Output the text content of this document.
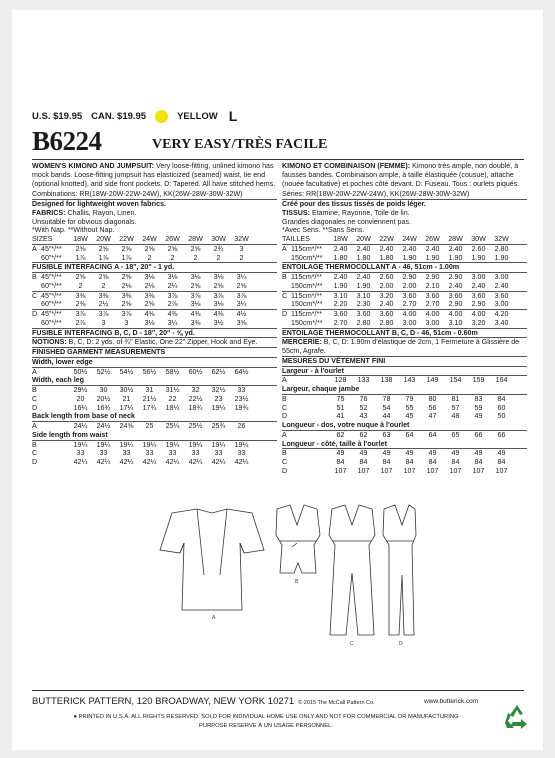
U.S. $19.95 CAN. $19.95	YELLOW L
B6224	VERY EASY/TRÈS FACILE

WOMEN'S KIMONO AND JUMPSUIT: Very loose-fitting, unlined kimono has mock bands. Loose-fitting jumpsuit has elasticized (seamed) waist, tie end (optional knotted), and side front pockets. D: Tapered. All have stitched hems.

Combinations: RR(18W-20W-22W-24W), KK(26W-28W-30W-32W)
Designed for lightweight woven fabrics.
FABRICS: Challis, Rayon, Linen.
Unsuitable for obvious diagonals.
*With Nap. **Without Nap.
SIZES	18W	20W	22W	24W	26W	28W	30W	32W
A 45"*/**	2⅝	2⅝	2⅝	2⅝	2⅝	2⅝	2¾	3
60"*/**	1⅞	1⅞	1⅞	2	2	2	2	2
FUSIBLE INTERFACING A - 18", 20" - 1 yd.
B 45"*/**	2⅝	2⅝	2⅝	3⅛	3⅛	3⅛	3⅛	3¼
60"*/**	2	2	2⅛	2⅛	2¼	2⅝	2⅝	2⅝
C 45"*/**	3⅜	3⅜	3⅜	3⅜	3⅞	3⅞	3⅞	3⅞
60"*/**	2⅜	2½	2⅝	2⅝	2⅞	3⅛	3⅛	3¼
D 45"*/**	3⅞	3⅞	3⅞	4⅜	4⅜	4⅜	4⅜	4½
60"*/**	2⅞	3	3	3⅛	3¼	3⅜	3½	3⅝
FUSIBLE INTERFACING B, C, D - 18", 20" - ⅝ yd.
NOTIONS: B, C, D: 2 yds. of ¾" Elastic, One 22" Zipper, Hook and Eye.
FINISHED GARMENT MEASUREMENTS
Width, lower edge
A	50½	52½	54½	56½	58½	60½	62½	64½
Width, each leg
B	29½	30	30½	31	31½	32	32½	33
C	20	20½	21	21½	22	22½	23	23½
D	16¼	16¾	17¼	17¾	18¼	18¾	19¼	19¾
Back length from base of neck
A	24¼	24½	24⅝	25	25¼	25½	25¾	26
Side length from waist
B	19¼	19¼	19¼	19¼	19¼	19¼	19¼	19¼
C	33	33	33	33	33	33	33	33
D	42¼	42¼	42¼	42¼	42¼	42¼	42¼	42¼

KIMONO ET COMBINAISON (FEMME): Kimono très ample, non doublé, à fausses bandes. Combinaison ample, à taille élastiquée (cousue), attache (nouée facultative) et poches côté devant. D: Fuseau. Tous : ourlets piqués.

Séries: RR(18W-20W-22W-24W), KK(26W-28W-30W-32W)
Créé pour des tissus tissés de poids léger.
TISSUS: Etamine, Rayonne, Toile de lin.
Grandes diagonales ne conviennent pas.
*Avec Sens. **Sans Sens.
TAILLES	18W	20W	22W	24W	26W	28W	30W	32W
A 115cm*/**	2.40	2.40	2.40	2.40	2.40	2.40	2.60	2.80
150cm*/**	1.80	1.80	1.80	1.90	1.90	1.90	1.90	1.90
ENTOILAGE THERMOCOLLANT A - 46, 51cm - 1.00m
B 115cm*/**	2.40	2.40	2.60	2.90	2.90	2.90	3.00	3.00
150cm*/**	1.90	1.90	2.00	2.00	2.10	2.40	2.40	2.40
C 115cm*/**	3.10	3.10	3.20	3.60	3.60	3.60	3.60	3.60
150cm*/**	2.20	2.30	2.40	2.70	2.70	2.90	2.90	3.00
D 115cm*/**	3.60	3.60	3.60	4.00	4.00	4.00	4.00	4.20
150cm*/**	2.70	2.80	2.80	3.00	3.00	3.10	3.20	3.40
ENTOILAGE THERMOCOLLANT B, C, D - 46, 51cm - 0.60m
MERCERIE: B, C, D: 1.90m d'élastique de 2cm, 1 Fermeture à Glissière de 55cm, Agrafe.
MESURES DU VÊTEMENT FINI
Largeur - à l'ourlet
A	128	133	138	143	149	154	159	164
Largeur, chaque jambe
B	75	76	78	79	80	81	83	84
C	51	52	54	55	56	57	59	60
D	41	43	44	45	47	48	49	50
Longueur - dos, votre nuque à l'ourlet
A	62	62	63	64	64	65	66	66
Longueur - côté, taille à l'ourlet
B	49	49	49	49	49	49	49	49
C	84	84	84	84	84	84	84	84
D	107	107	107	107	107	107	107	107
A
B
C	D
BUTTERICK PATTERN, 120 BROADWAY, NEW YORK 10271 © 2015 The McCall Pattern Co.	www.butterick.com
● PRINTED IN U.S.A. ALL RIGHTS RESERVED. SOLD FOR INDIVIDUAL HOME USE ONLY AND NOT FOR COMMERCIAL OR MANUFACTURING
PURPOSE RESERVE À UN USAGE PERSONNEL.
